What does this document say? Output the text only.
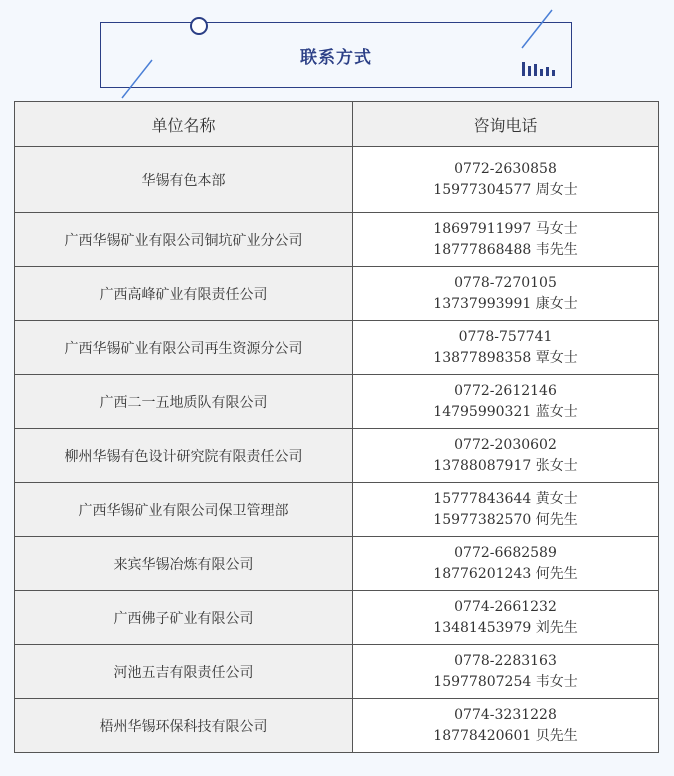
联系方式
单位名称	咨询电话
华锡有色本部	0772-2630858
15977304577 周女士

广西华锡矿业有限公司铜坑矿业分公司	18697911997 马女士
18777868488 韦先生

广西高峰矿业有限责任公司	0778-7270105
13737993991 康女士

广西华锡矿业有限公司再生资源分公司	0778-757741
13877898358 覃女士

广西二一五地质队有限公司	0772-2612146
14795990321 蓝女士

柳州华锡有色设计研究院有限责任公司	0772-2030602
13788087917 张女士

广西华锡矿业有限公司保卫管理部	15777843644 黄女士
15977382570 何先生

来宾华锡冶炼有限公司	0772-6682589
18776201243 何先生

广西佛子矿业有限公司	0774-2661232
13481453979 刘先生

河池五吉有限责任公司	0778-2283163
15977807254 韦女士

梧州华锡环保科技有限公司	0774-3231228
18778420601 贝先生
